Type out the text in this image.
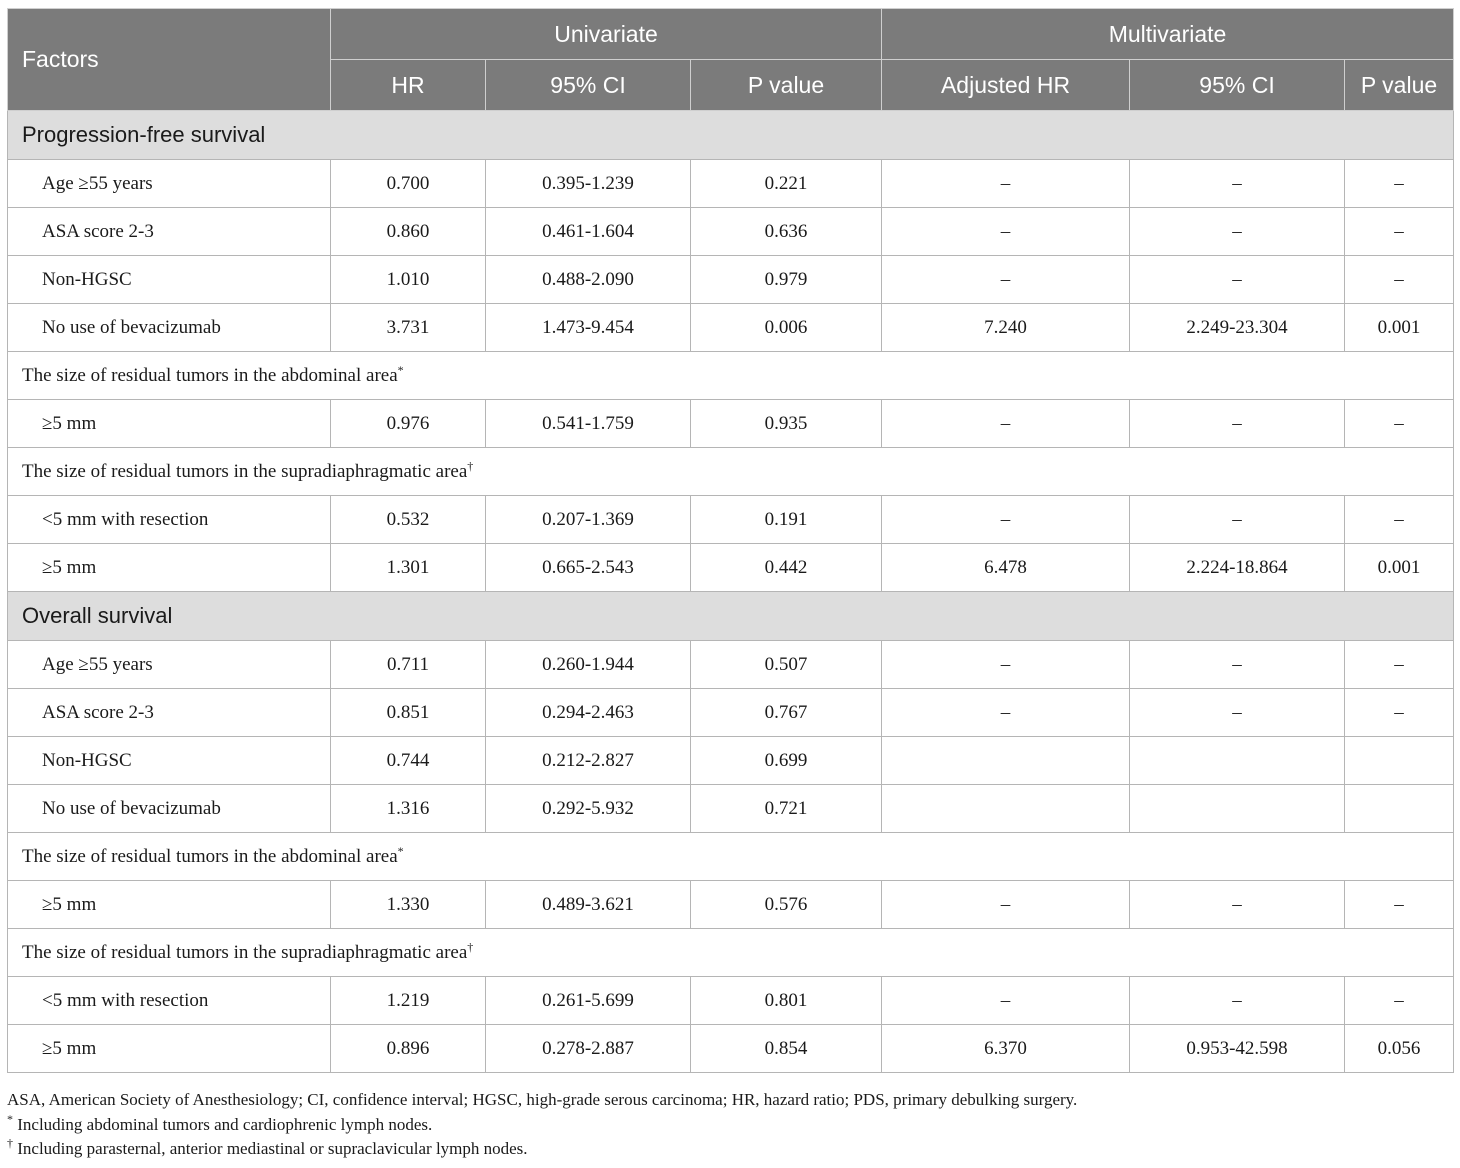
Factors	Univariate			Multivariate		
	HR	95% CI	P value	Adjusted HR	95% CI	P value
Progression-free survival						
Age ≥55 years	0.700	0.395-1.239	0.221	–	–	–
ASA score 2-3	0.860	0.461-1.604	0.636	–	–	–
Non-HGSC	1.010	0.488-2.090	0.979	–	–	–
No use of bevacizumab	3.731	1.473-9.454	0.006	7.240	2.249-23.304	0.001
The size of residual tumors in the abdominal area*
≥5 mm	0.976	0.541-1.759	0.935	–	–	–
The size of residual tumors in the supradiaphragmatic area†
<5 mm with resection	0.532	0.207-1.369	0.191	–	–	–
≥5 mm	1.301	0.665-2.543	0.442	6.478	2.224-18.864	0.001
Overall survival						
Age ≥55 years	0.711	0.260-1.944	0.507	–	–	–
ASA score 2-3	0.851	0.294-2.463	0.767	–	–	–
Non-HGSC	0.744	0.212-2.827	0.699			
No use of bevacizumab	1.316	0.292-5.932	0.721			
The size of residual tumors in the abdominal area*
≥5 mm	1.330	0.489-3.621	0.576	–	–	–
The size of residual tumors in the supradiaphragmatic area†
<5 mm with resection	1.219	0.261-5.699	0.801	–	–	–
≥5 mm	0.896	0.278-2.887	0.854	6.370	0.953-42.598	0.056
ASA, American Society of Anesthesiology; CI, confidence interval; HGSC, high-grade serous carcinoma; HR, hazard ratio; PDS, primary debulking surgery.
* Including abdominal tumors and cardiophrenic lymph nodes.
† Including parasternal, anterior mediastinal or supraclavicular lymph nodes.
